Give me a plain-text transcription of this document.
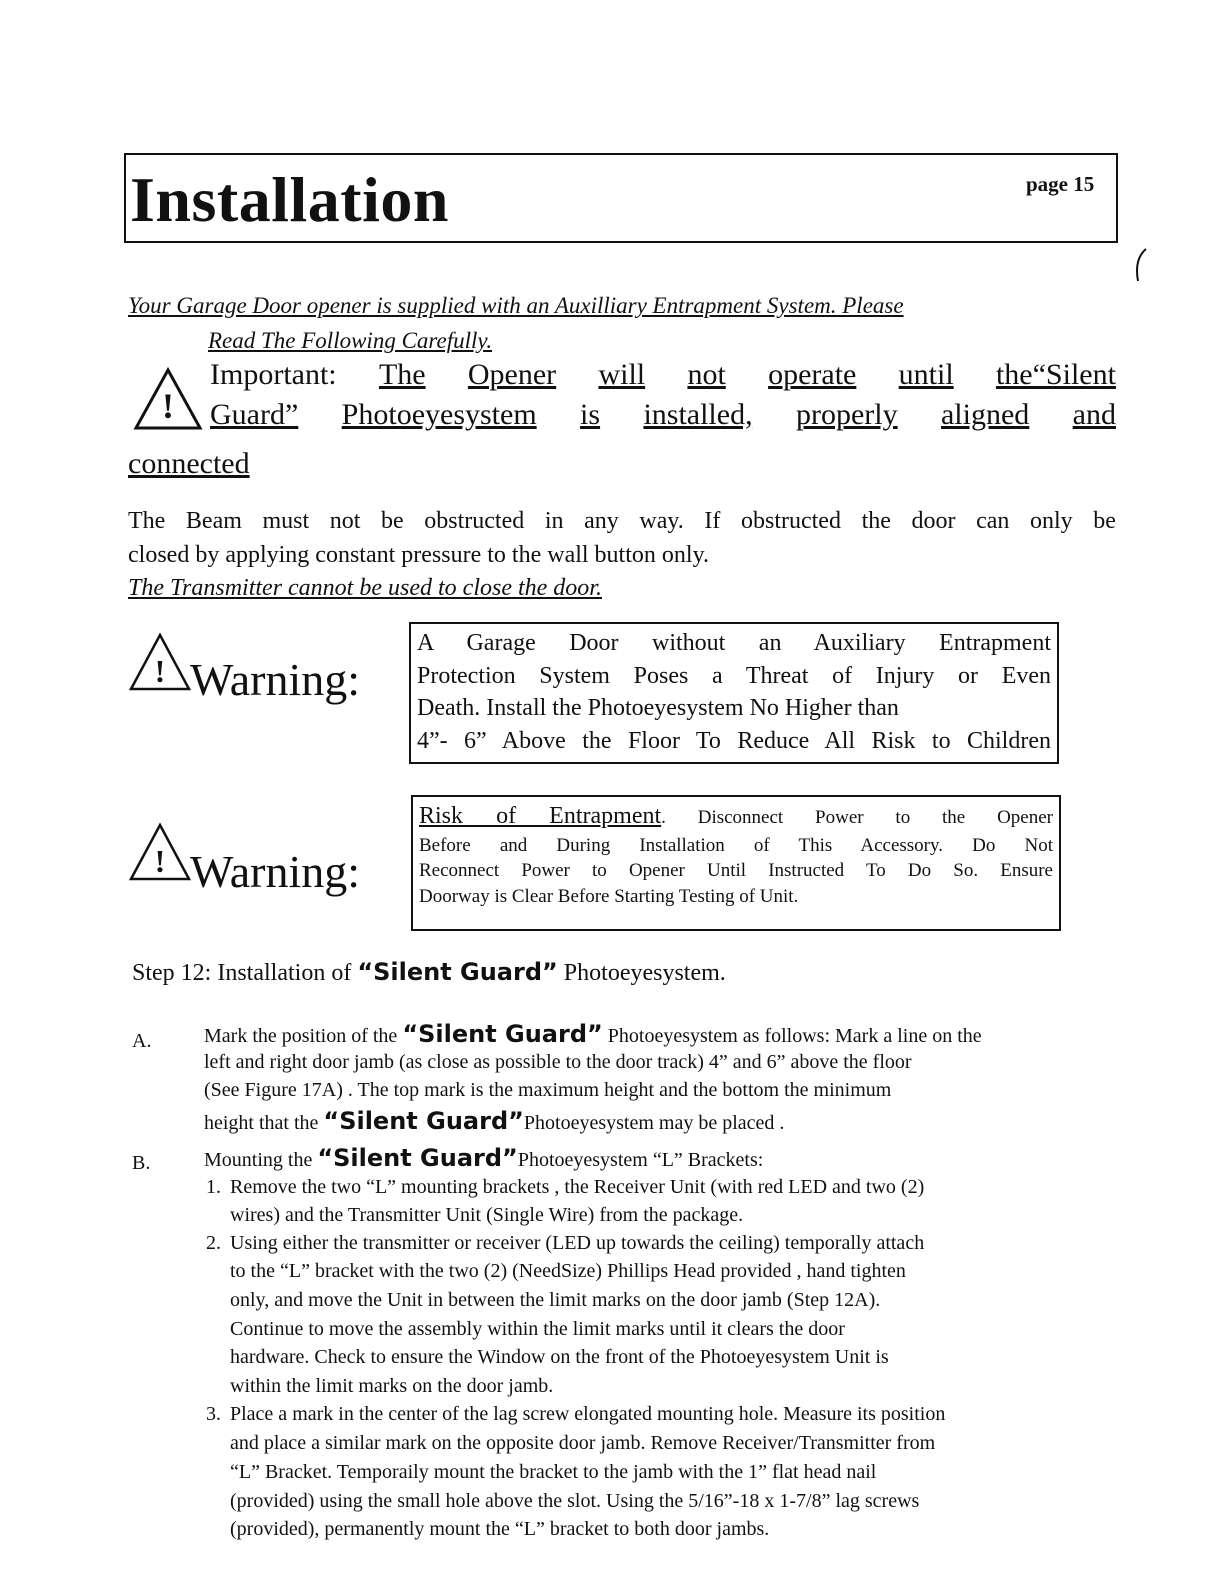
Installation	page 15
Your Garage Door opener is supplied with an Auxilliary Entrapment System. Please
Read The Following Carefully.
!
Important: The Opener will not operate until the“Silent
Guard” Photoeyesystem is installed, properly aligned and
connected
The Beam must not be obstructed in any way. If obstructed the door can only be
closed by applying constant pressure to the wall button only.
The Transmitter cannot be used to close the door.
! Warning:
A Garage Door without an Auxiliary Entrapment
Protection System Poses a Threat of Injury or Even
Death. Install the Photoeyesystem No Higher than
4”- 6” Above the Floor To Reduce All Risk to Children
! Warning:
Risk of Entrapment. Disconnect Power to the Opener
Before and During Installation of This Accessory. Do Not
Reconnect Power to Opener Until Instructed To Do So. Ensure
Doorway is Clear Before Starting Testing of Unit.
Step 12: Installation of “Silent Guard” Photoeyesystem.
A.	Mark the position of the “Silent Guard” Photoeyesystem as follows: Mark a line on the
left and right door jamb (as close as possible to the door track) 4” and 6” above the floor
(See Figure 17A) . The top mark is the maximum height and the bottom the minimum
height that the “Silent Guard”Photoeyesystem may be placed .
B.	Mounting the “Silent Guard”Photoeyesystem “L” Brackets:
1. Remove the two “L” mounting brackets , the Receiver Unit (with red LED and two (2)
wires) and the Transmitter Unit (Single Wire) from the package.
2. Using either the transmitter or receiver (LED up towards the ceiling) temporally attach
to the “L” bracket with the two (2) (NeedSize) Phillips Head provided , hand tighten
only, and move the Unit in between the limit marks on the door jamb (Step 12A).
Continue to move the assembly within the limit marks until it clears the door
hardware. Check to ensure the Window on the front of the Photoeyesystem Unit is
within the limit marks on the door jamb.
3. Place a mark in the center of the lag screw elongated mounting hole. Measure its position
and place a similar mark on the opposite door jamb. Remove Receiver/Transmitter from
“L” Bracket. Temporaily mount the bracket to the jamb with the 1” flat head nail
(provided) using the small hole above the slot. Using the 5/16”-18 x 1-7/8” lag screws
(provided), permanently mount the “L” bracket to both door jambs.
